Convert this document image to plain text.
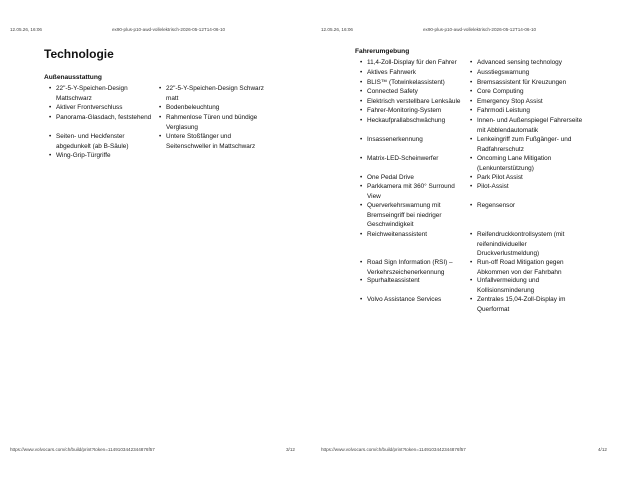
12.05.26, 16:06	ex90-plus-p10-awd-vollelektrisch-2026-05-12T14-06-10
Technologie
Außenausstattung
• 22"-5-Y-Speichen-Design Mattschwarz
• Aktiver Frontverschluss
• Panorama-Glasdach, feststehend
• Seiten- und Heckfenster abgedunkelt (ab B-Säule)
• Wing-Grip-Türgriffe
• 22"-5-Y-Speichen-Design Schwarz matt
• Bodenbeleuchtung
• Rahmenlose Türen und bündige Verglasung
• Untere Stoßfänger und Seitenschweller in Mattschwarz
https://www.volvocars.com/ch/build/print?token=1149103442344876f57	3/12
12.05.26, 16:06	ex90-plus-p10-awd-vollelektrisch-2026-05-12T14-06-10
Fahrerumgebung
• 11,4-Zoll-Display für den Fahrer
• Aktives Fahrwerk
• BLIS™ (Totwinkelassistent)
• Connected Safety
• Elektrisch verstellbare Lenksäule
• Fahrer-Monitoring-System
• Heckaufprallabschwächung
• Insassenerkennung
• Matrix-LED-Scheinwerfer
• One Pedal Drive
• Parkkamera mit 360° Surround View
• Querverkehrswarnung mit Bremseingriff bei niedriger Geschwindigkeit
• Reichweitenassistent
• Road Sign Information (RSI) – Verkehrszeichenerkennung
• Spurhalteassistent
• Volvo Assistance Services
• Advanced sensing technology
• Ausstiegswarnung
• Bremsassistent für Kreuzungen
• Core Computing
• Emergency Stop Assist
• Fahrmodi Leistung
• Innen- und Außenspiegel Fahrerseite mit Abblendautomatik
• Lenkeingriff zum Fußgänger- und Radfahrerschutz
• Oncoming Lane Mitigation (Lenkunterstützung)
• Park Pilot Assist
• Pilot-Assist
• Regensensor
• Reifendruckkontrollsystem (mit reifenindividueller Druckverlustmeldung)
• Run-off Road Mitigation gegen Abkommen von der Fahrbahn
• Unfallvermeidung und Kollisionsminderung
• Zentrales 15,04-Zoll-Display im Querformat
https://www.volvocars.com/ch/build/print?token=1149103442344876f57	4/12
